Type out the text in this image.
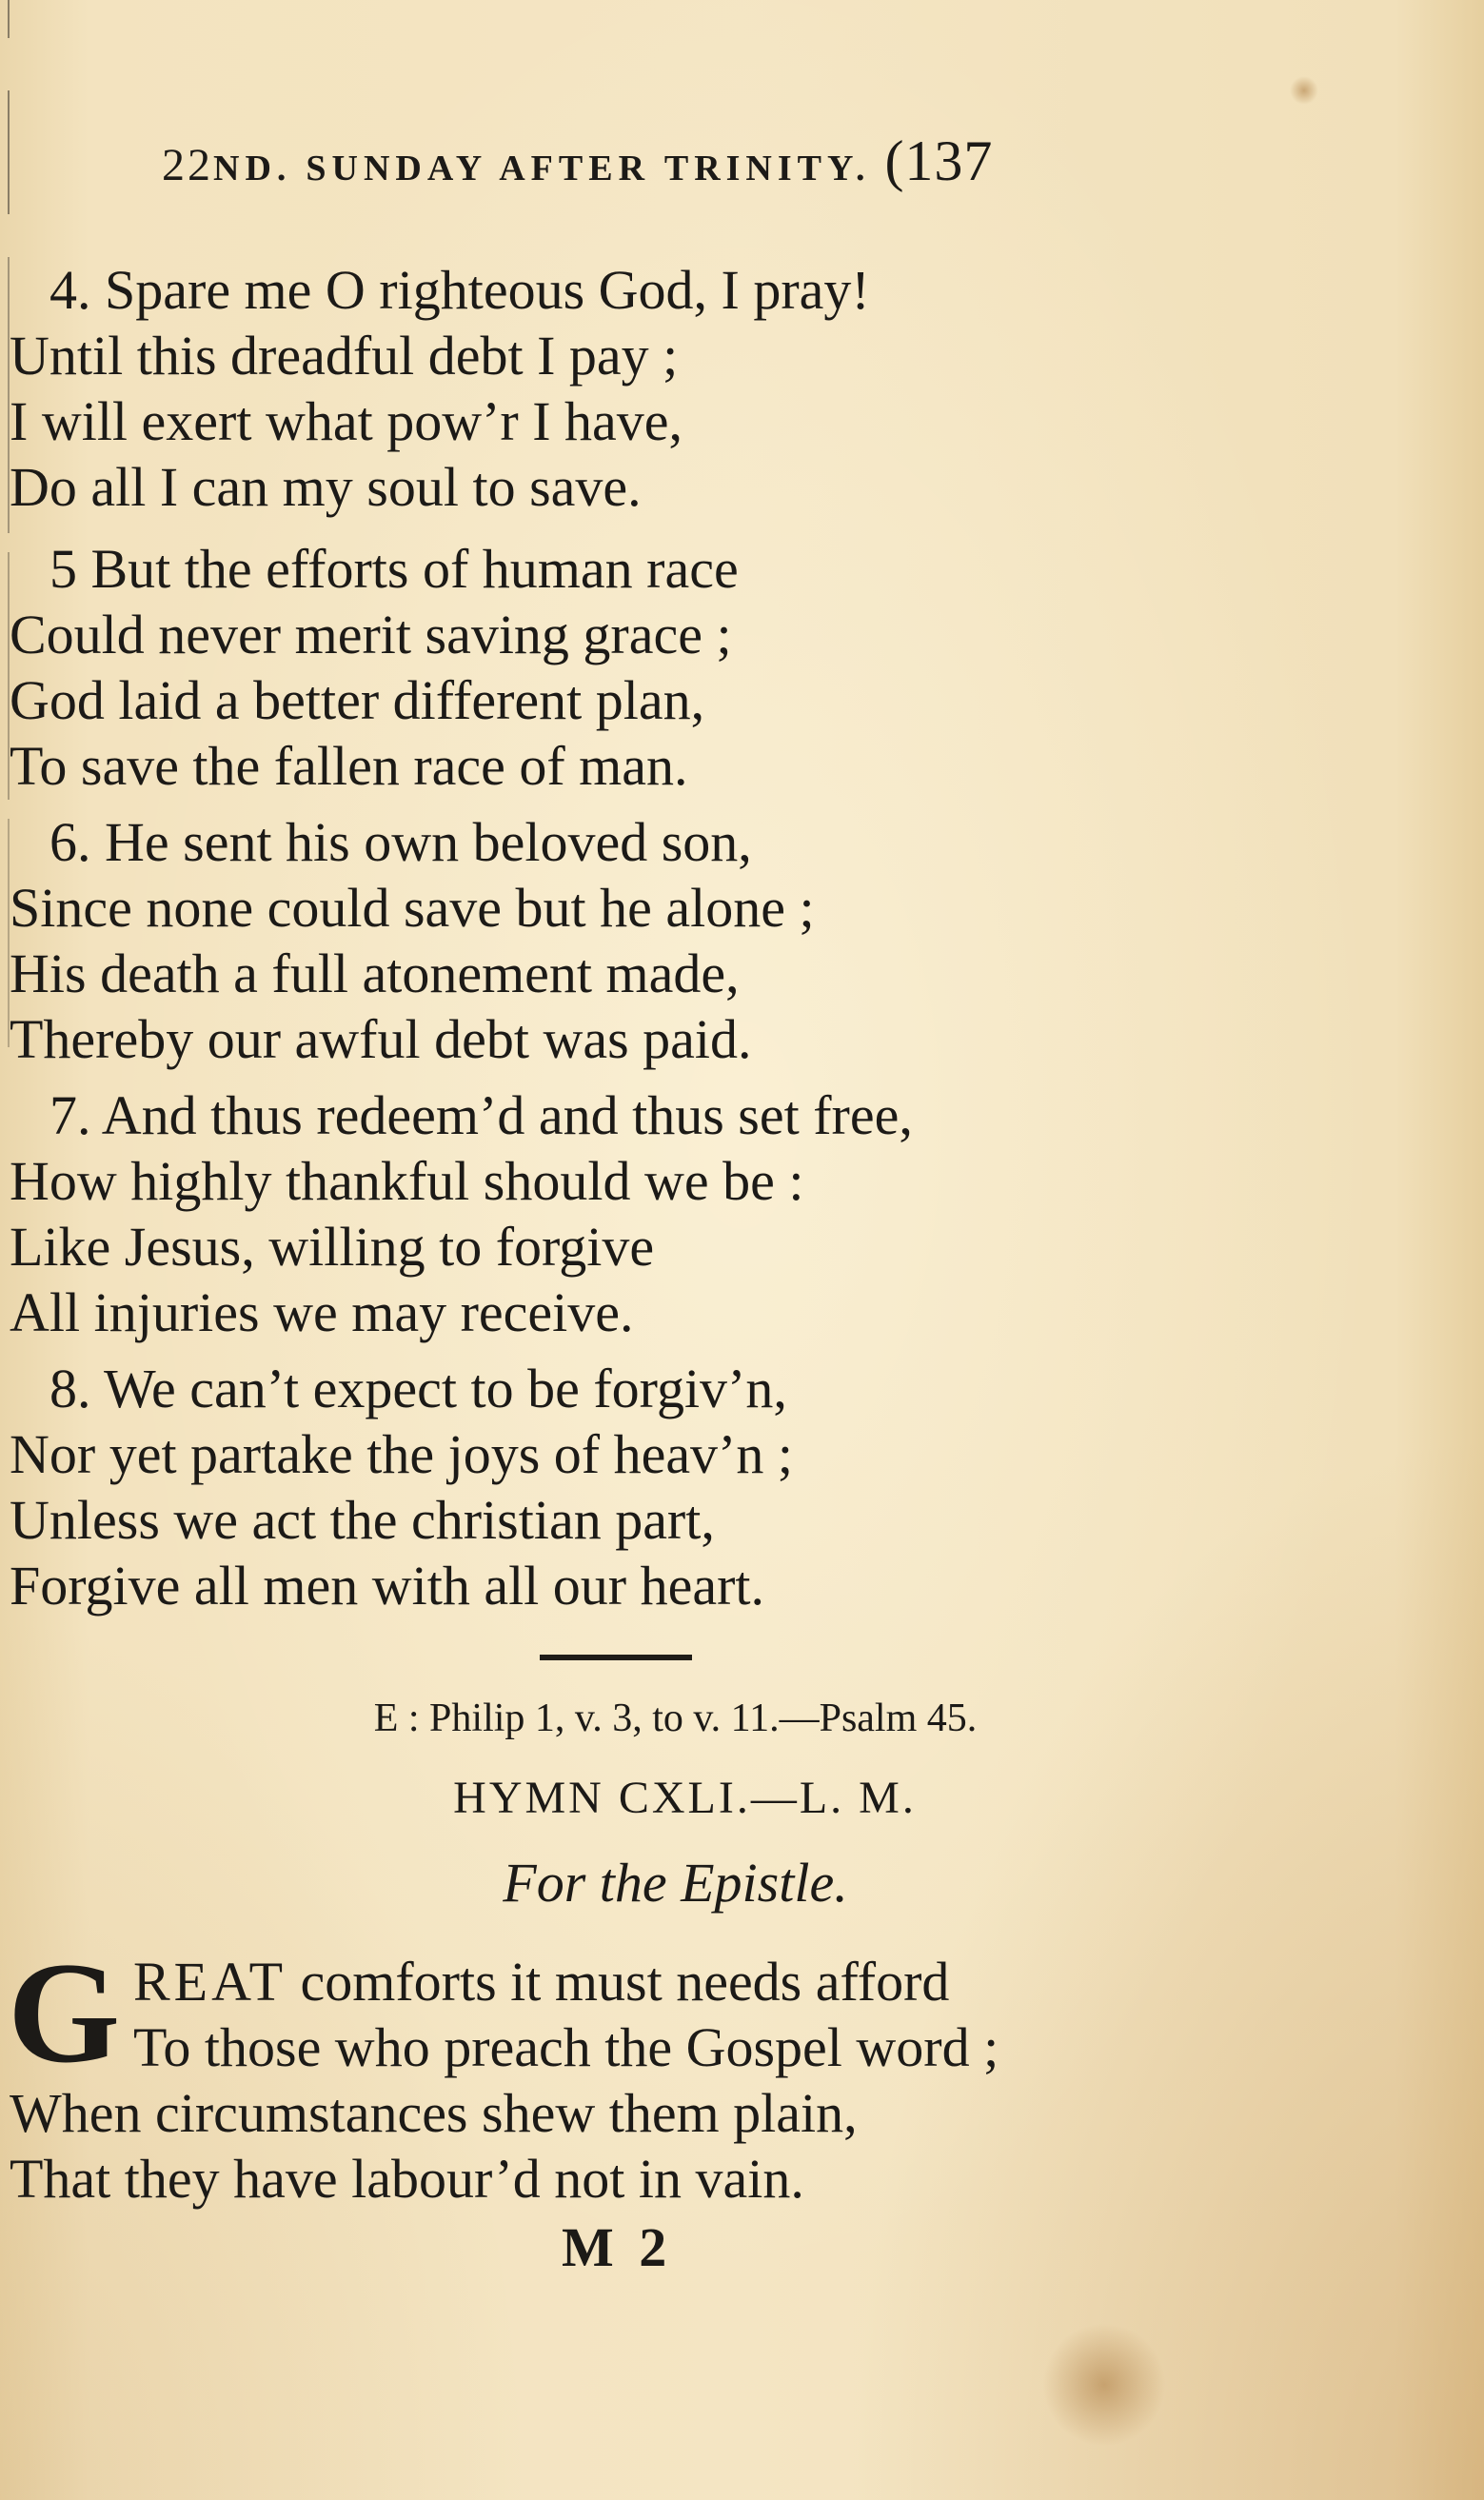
22ND. SUNDAY AFTER TRINITY. (137
4. Spare me O righteous God, I pray!
Until this dreadful debt I pay ;
I will exert what pow’r I have,
Do all I can my soul to save.
5 But the efforts of human race
Could never merit saving grace ;
God laid a better different plan,
To save the fallen race of man.
6. He sent his own beloved son,
Since none could save but he alone ;
His death a full atonement made,
Thereby our awful debt was paid.
7. And thus redeem’d and thus set free,
How highly thankful should we be :
Like Jesus, willing to forgive
All injuries we may receive.
8. We can’t expect to be forgiv’n,
Nor yet partake the joys of heav’n ;
Unless we act the christian part,
Forgive all men with all our heart.
E : Philip 1, v. 3, to v. 11.—Psalm 45.
HYMN CXLI.—L. M.
For the Epistle.
G REAT comforts it must needs afford
To those who preach the Gospel word ;
When circumstances shew them plain,
That they have labour’d not in vain.
M 2
